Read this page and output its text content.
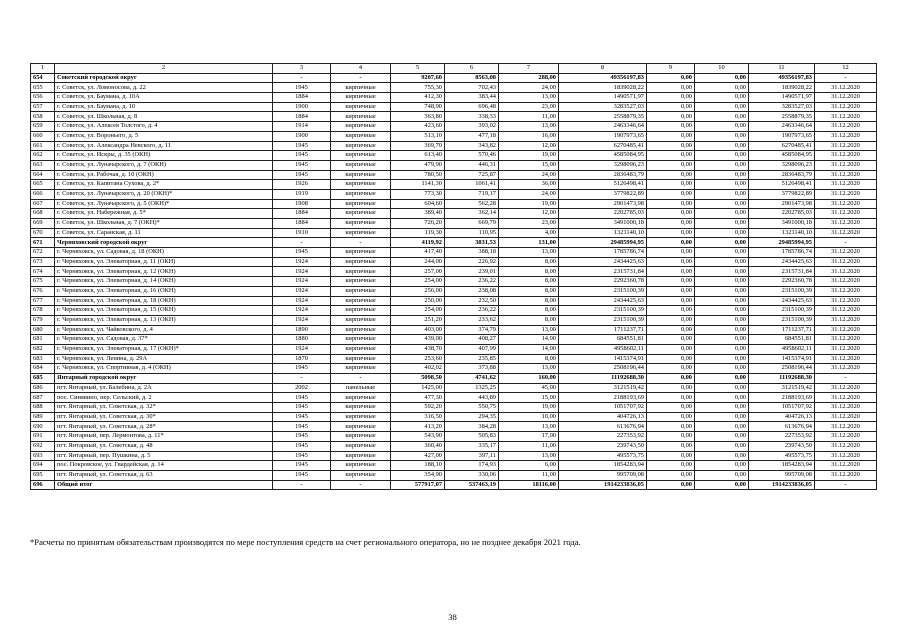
1	2	3	4	5	6	7	8	9	10	11	12
654	Советский городской округ	-	-	9207,60	8563,08	288,00	49356197,83	0,00	0,00	49356197,83	-
655	г. Советск, ул. Ломоносова, д. 22	1945	кирпичные	755,30	702,43	24,00	1839028,22	0,00	0,00	1839028,22	31.12.2020
656	г. Советск, ул. Баумана, д. 10А	1884	кирпичные	412,30	383,44	13,00	1490571,97	0,00	0,00	1490571,97	31.12.2020
657	г. Советск, ул. Баумана, д. 10	1900	кирпичные	748,90	696,48	23,00	3283527,03	0,00	0,00	3283527,03	31.12.2020
658	г. Советск, ул. Школьная, д. 8	1884	кирпичные	363,80	338,33	11,00	2558879,35	0,00	0,00	2558879,35	31.12.2020
659	г. Советск, ул. Алексея Толстого, д. 4	1914	кирпичные	423,60	393,02	13,00	2463346,64	0,00	0,00	2463346,64	31.12.2020
660	г. Советск, ул. Вороньего, д. 5	1900	кирпичные	513,10	477,18	16,00	1907973,65	0,00	0,00	1907973,65	31.12.2020
661	г. Советск, ул. Александра Невского, д. 11	1945	кирпичные	369,70	343,82	12,00	6270485,41	0,00	0,00	6270485,41	31.12.2020
662	г. Советск, ул. Искры, д. 35 (ОКН)	1945	кирпичные	613,40	570,46	19,00	4585084,95	0,00	0,00	4585084,95	31.12.2020
663	г. Советск, ул. Луначарского, д. 7 (ОКН)	1945	кирпичные	479,90	446,31	15,00	3298096,23	0,00	0,00	3298096,23	31.12.2020
664	г. Советск, ул. Рабочая, д. 10 (ОКН)	1945	кирпичные	780,50	725,87	24,00	2836483,79	0,00	0,00	2836483,79	31.12.2020
665	г. Советск, ул. Капитана Сухова, д. 2*	1926	кирпичные	1141,30	1061,41	36,00	5126498,41	0,00	0,00	5126498,41	31.12.2020
666	г. Советск, ул. Луначарского, д. 20 (ОКН)*	1919	кирпичные	773,30	719,17	24,00	3779822,89	0,00	0,00	3779822,89	31.12.2020
667	г. Советск, ул. Луначарского, д. 5 (ОКН)*	1908	кирпичные	604,60	562,28	19,00	2901473,98	0,00	0,00	2901473,98	31.12.2020
668	г. Советск, ул. Набережная, д. 5*	1884	кирпичные	389,40	362,14	12,00	2202785,03	0,00	0,00	2202785,03	31.12.2020
669	г. Советск, ул. Школьная, д. 7 (ОКН)*	1884	кирпичные	726,20	669,79	23,00	3491000,18	0,00	0,00	3491000,18	31.12.2020
670	г. Советск, ул. Саранская, д. 11	1910	кирпичные	119,30	110,95	4,00	1321140,10	0,00	0,00	1321140,10	31.12.2020
671	Черняховский городской округ	-	-	4119,92	3831,53	131,00	29485994,95	0,00	0,00	29485994,95	-
672	г. Черняховск, ул. Садовая, д. 18 (ОКН)	1945	кирпичные	417,40	388,18	13,00	1785786,74	0,00	0,00	1785786,74	31.12.2020
673	г. Черняховск, ул. Элеваторная, д. 11 (ОКН)	1924	кирпичные	244,00	226,92	8,00	2434425,63	0,00	0,00	2434425,63	31.12.2020
674	г. Черняховск, ул. Элеваторная, д. 12 (ОКН)	1924	кирпичные	257,00	239,01	8,00	2315731,84	0,00	0,00	2315731,84	31.12.2020
675	г. Черняховск, ул. Элеваторная, д. 14 (ОКН)	1924	кирпичные	254,00	236,22	8,00	2292360,78	0,00	0,00	2292360,78	31.12.2020
676	г. Черняховск, ул. Элеваторная, д. 16 (ОКН)	1924	кирпичные	256,00	238,08	8,00	2315100,39	0,00	0,00	2315100,39	31.12.2020
677	г. Черняховск, ул. Элеваторная, д. 18 (ОКН)	1924	кирпичные	250,00	232,50	8,00	2434425,63	0,00	0,00	2434425,63	31.12.2020
678	г. Черняховск, ул. Элеваторная, д. 15 (ОКН)	1924	кирпичные	254,00	236,22	8,00	2315100,39	0,00	0,00	2315100,39	31.12.2020
679	г. Черняховск, ул. Элеваторная, д. 13 (ОКН)	1924	кирпичные	251,20	233,62	8,00	2315100,39	0,00	0,00	2315100,39	31.12.2020
680	г. Черняховск, ул. Чайковского, д. 4	1890	кирпичные	403,00	374,79	13,00	1711237,71	0,00	0,00	1711237,71	31.12.2020
681	г. Черняховск, ул. Садовая, д. 37*	1880	кирпичные	439,00	408,27	14,00	684551,81	0,00	0,00	684551,81	31.12.2020
682	г. Черняховск, ул. Элеваторная, д. 17 (ОКН)*	1924	кирпичные	438,70	407,99	14,00	4958602,11	0,00	0,00	4958602,11	31.12.2020
683	г. Черняховск, ул. Ленина, д. 29А	1870	кирпичные	253,60	235,85	8,00	1415374,91	0,00	0,00	1415374,91	31.12.2020
684	г. Черняховск, ул. Спортивная, д. 4 (ОКН)	1945	кирпичные	402,02	373,88	13,00	2508196,44	0,00	0,00	2508196,44	31.12.2020
685	Янтарный городской округ	-	-	5098,50	4741,62	160,00	11192688,30	0,00	0,00	11192688,30	-
686	пгт. Янтарный, ул. Балебина, д. 2А	2002	панельные	1425,00	1325,25	45,00	3121519,42	0,00	0,00	3121519,42	31.12.2020
687	пос. Синявино, пер. Сельский, д. 2	1945	кирпичные	477,30	443,89	15,00	2188193,69	0,00	0,00	2188193,69	31.12.2020
688	пгт. Янтарный, ул. Советская, д. 32*	1945	кирпичные	592,20	550,75	19,00	1051707,92	0,00	0,00	1051707,92	31.12.2020
689	пгт. Янтарный, ул. Советская, д. 30*	1945	кирпичные	316,50	294,35	10,00	404726,13	0,00	0,00	404726,13	31.12.2020
690	пгт. Янтарный, ул. Советская, д. 28*	1945	кирпичные	413,20	384,28	13,00	613676,94	0,00	0,00	613676,94	31.12.2020
691	пгт. Янтарный, пер. Лермонтова, д. 11*	1945	кирпичные	543,90	505,83	17,00	227353,92	0,00	0,00	227353,92	31.12.2020
692	пгт. Янтарный, ул. Советская, д. 48	1945	кирпичные	360,40	335,17	11,00	239743,50	0,00	0,00	239743,50	31.12.2020
693	пгт. Янтарный, пер. Пушкина, д. 5	1945	кирпичные	427,00	397,11	13,00	495573,75	0,00	0,00	495573,75	31.12.2020
694	пос. Покровское, ул. Гвардейская, д. 14	1945	кирпичные	188,10	174,93	6,00	1854283,94	0,00	0,00	1854283,94	31.12.2020
695	пгт. Янтарный, ул. Советская, д. 63	1945	кирпичные	354,90	330,06	11,00	995709,08	0,00	0,00	995709,08	31.12.2020
696	Общий итог	-	-	577917,07	537463,19	18116,00	1914233836,05	0,00	0,00	1914233836,05	-
*Расчеты по принятым обязательствам производятся по мере поступления средств на счет регионального оператора, но не позднее декабря 2021 года.
38
